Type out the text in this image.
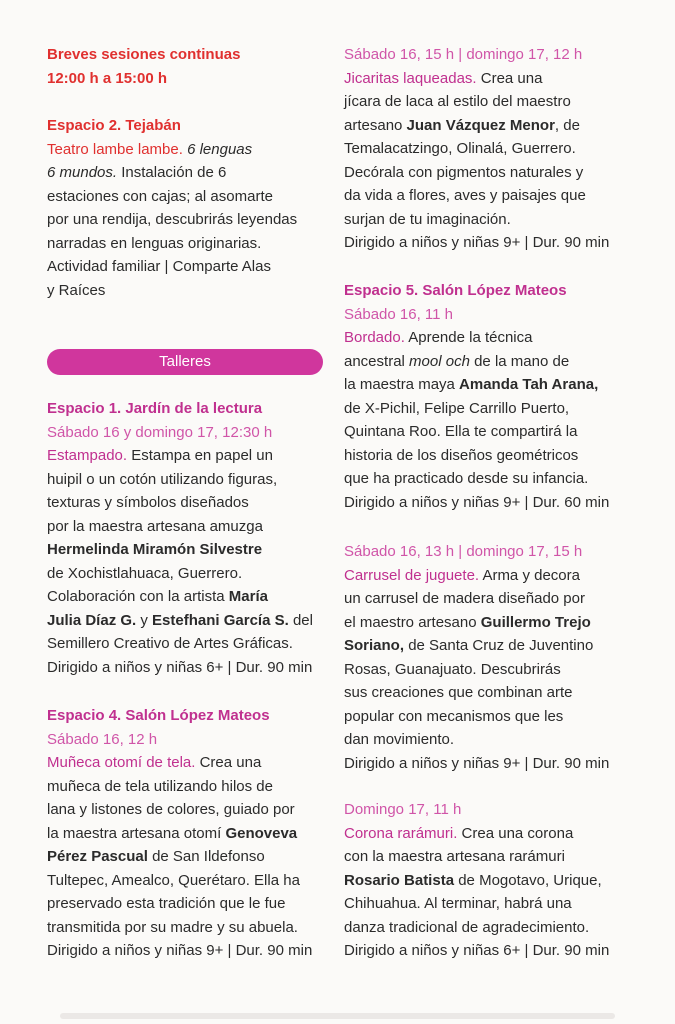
Breves sesiones continuas
12:00 h a 15:00 h
Espacio 2. Tejabán
Teatro lambe lambe. 6 lenguas
6 mundos. Instalación de 6
estaciones con cajas; al asomarte
por una rendija, descubrirás leyendas
narradas en lenguas originarias.
Actividad familiar | Comparte Alas
y Raíces
Espacio 1. Jardín de la lectura
Sábado 16 y domingo 17, 12:30 h
Estampado. Estampa en papel un
huipil o un cotón utilizando figuras,
texturas y símbolos diseñados
por la maestra artesana amuzga
Hermelinda Miramón Silvestre
de Xochistlahuaca, Guerrero.
Colaboración con la artista María
Julia Díaz G. y Estefhani García S. del
Semillero Creativo de Artes Gráficas.
Dirigido a niños y niñas 6+ | Dur. 90 min
Espacio 4. Salón López Mateos
Sábado 16, 12 h
Muñeca otomí de tela. Crea una
muñeca de tela utilizando hilos de
lana y listones de colores, guiado por
la maestra artesana otomí Genoveva
Pérez Pascual de San Ildefonso
Tultepec, Amealco, Querétaro. Ella ha
preservado esta tradición que le fue
transmitida por su madre y su abuela.
Dirigido a niños y niñas 9+ | Dur. 90 min
Talleres
Sábado 16, 15 h | domingo 17, 12 h
Jicaritas laqueadas. Crea una
jícara de laca al estilo del maestro
artesano Juan Vázquez Menor, de
Temalacatzingo, Olinalá, Guerrero.
Decórala con pigmentos naturales y
da vida a flores, aves y paisajes que
surjan de tu imaginación.
Dirigido a niños y niñas 9+ | Dur. 90 min
Espacio 5. Salón López Mateos
Sábado 16, 11 h
Bordado. Aprende la técnica
ancestral mool och de la mano de
la maestra maya Amanda Tah Arana,
de X-Pichil, Felipe Carrillo Puerto,
Quintana Roo. Ella te compartirá la
historia de los diseños geométricos
que ha practicado desde su infancia.
Dirigido a niños y niñas 9+ | Dur. 60 min
Sábado 16, 13 h | domingo 17, 15 h
Carrusel de juguete. Arma y decora
un carrusel de madera diseñado por
el maestro artesano Guillermo Trejo
Soriano, de Santa Cruz de Juventino
Rosas, Guanajuato. Descubrirás
sus creaciones que combinan arte
popular con mecanismos que les
dan movimiento.
Dirigido a niños y niñas 9+ | Dur. 90 min
Domingo 17, 11 h
Corona rarámuri. Crea una corona
con la maestra artesana rarámuri
Rosario Batista de Mogotavo, Urique,
Chihuahua. Al terminar, habrá una
danza tradicional de agradecimiento.
Dirigido a niños y niñas 6+ | Dur. 90 min
